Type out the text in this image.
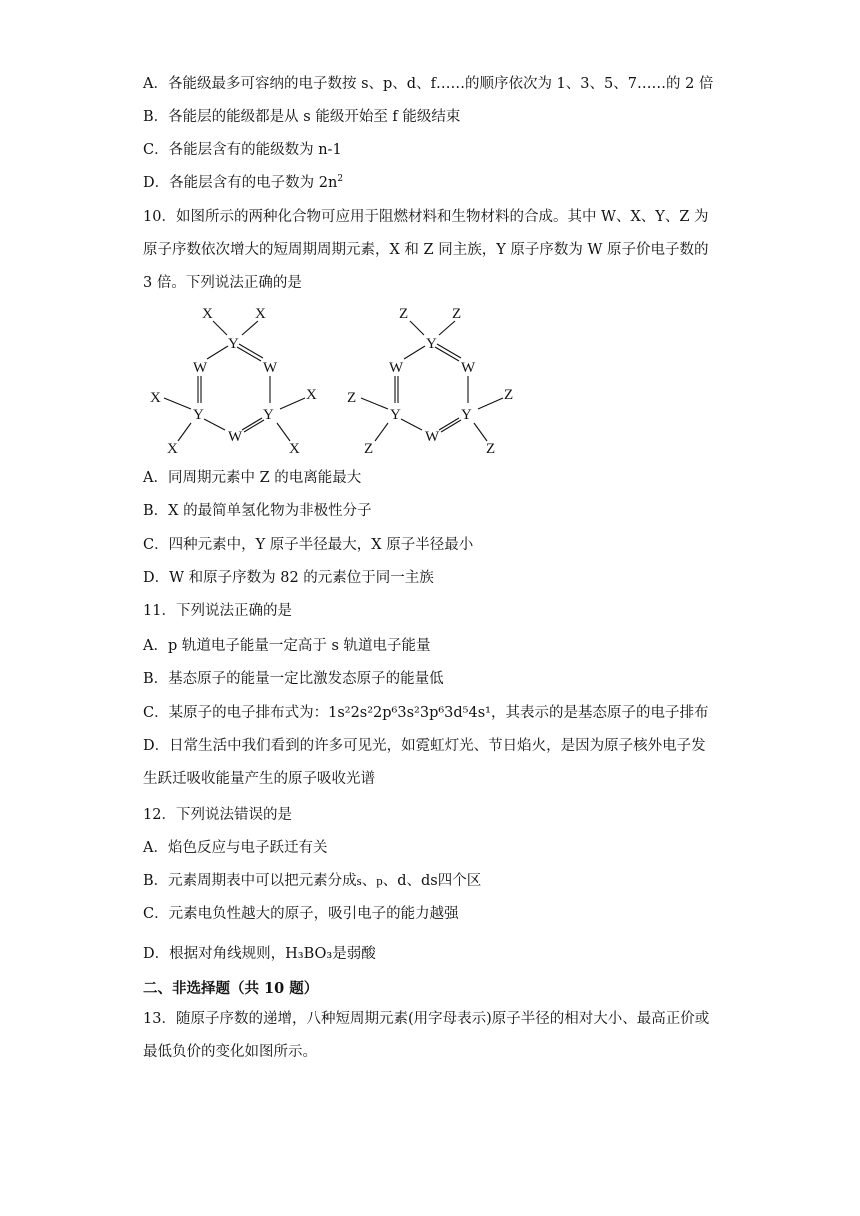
A．各能级最多可容纳的电子数按 s、p、d、f……的顺序依次为 1、3、5、7……的 2 倍
B．各能层的能级都是从 s 能级开始至 f 能级结束
C．各能层含有的能级数为 n-1
D．各能层含有的电子数为 $2n^2$
10．如图所示的两种化合物可应用于阻燃材料和生物材料的合成。其中 W、X、Y、Z 为原子序数依次增大的短周期周期元素，X 和 Z 同主族，Y 原子序数为 W 原子价电子数的 3 倍。下列说法正确的是
X	X
Y
W	W
X	X
Y	Y
W
X	X
Z	Z
Y
W	W
Z	Z
Y	Y
W
Z	Z
A．同周期元素中 Z 的电离能最大
B．X 的最简单氢化物为非极性分子
C．四种元素中，Y 原子半径最大，X 原子半径最小
D．W 和原子序数为 82 的元素位于同一主族
11．下列说法正确的是
A．p 轨道电子能量一定高于 s 轨道电子能量
B．基态原子的能量一定比激发态原子的能量低
C．某原子的电子排布式为：1s²2s²2p⁶3s²3p⁶3d⁵4s¹，其表示的是基态原子的电子排布
D．日常生活中我们看到的许多可见光，如霓虹灯光、节日焰火，是因为原子核外电子发生跃迁吸收能量产生的原子吸收光谱
12．下列说法错误的是
A．焰色反应与电子跃迁有关
B．元素周期表中可以把元素分成s、p、d、ds四个区
C．元素电负性越大的原子，吸引电子的能力越强
D．根据对角线规则，H₃BO₃是弱酸
二、非选择题（共 10 题）
13．随原子序数的递增，八种短周期元素(用字母表示)原子半径的相对大小、最高正价或最低负价的变化如图所示。
